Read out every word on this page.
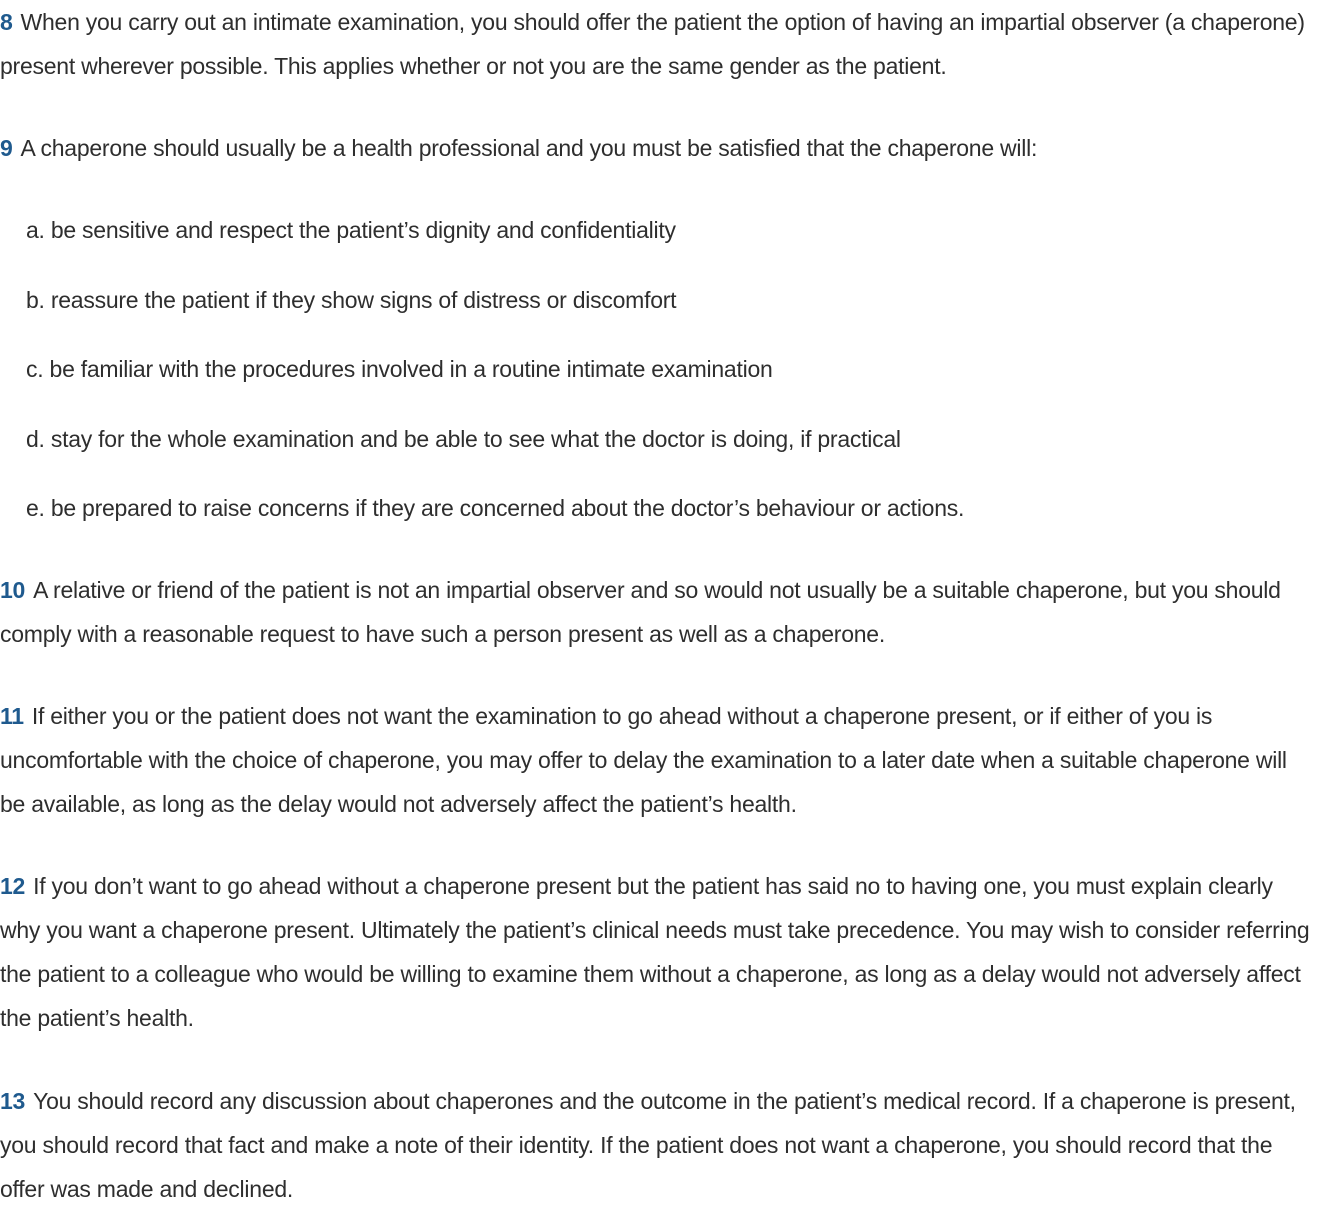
8 When you carry out an intimate examination, you should offer the patient the option of having an impartial observer (a chaperone) present wherever possible. This applies whether or not you are the same gender as the patient.

9 A chaperone should usually be a health professional and you must be satisfied that the chaperone will:

a. be sensitive and respect the patient’s dignity and confidentiality

b. reassure the patient if they show signs of distress or discomfort

c. be familiar with the procedures involved in a routine intimate examination

d. stay for the whole examination and be able to see what the doctor is doing, if practical

e. be prepared to raise concerns if they are concerned about the doctor’s behaviour or actions.

10 A relative or friend of the patient is not an impartial observer and so would not usually be a suitable chaperone, but you should comply with a reasonable request to have such a person present as well as a chaperone.

11 If either you or the patient does not want the examination to go ahead without a chaperone present, or if either of you is uncomfortable with the choice of chaperone, you may offer to delay the examination to a later date when a suitable chaperone will be available, as long as the delay would not adversely affect the patient’s health.

12 If you don’t want to go ahead without a chaperone present but the patient has said no to having one, you must explain clearly why you want a chaperone present. Ultimately the patient’s clinical needs must take precedence. You may wish to consider referring the patient to a colleague who would be willing to examine them without a chaperone, as long as a delay would not adversely affect the patient’s health.

13 You should record any discussion about chaperones and the outcome in the patient’s medical record. If a chaperone is present, you should record that fact and make a note of their identity. If the patient does not want a chaperone, you should record that the offer was made and declined.
